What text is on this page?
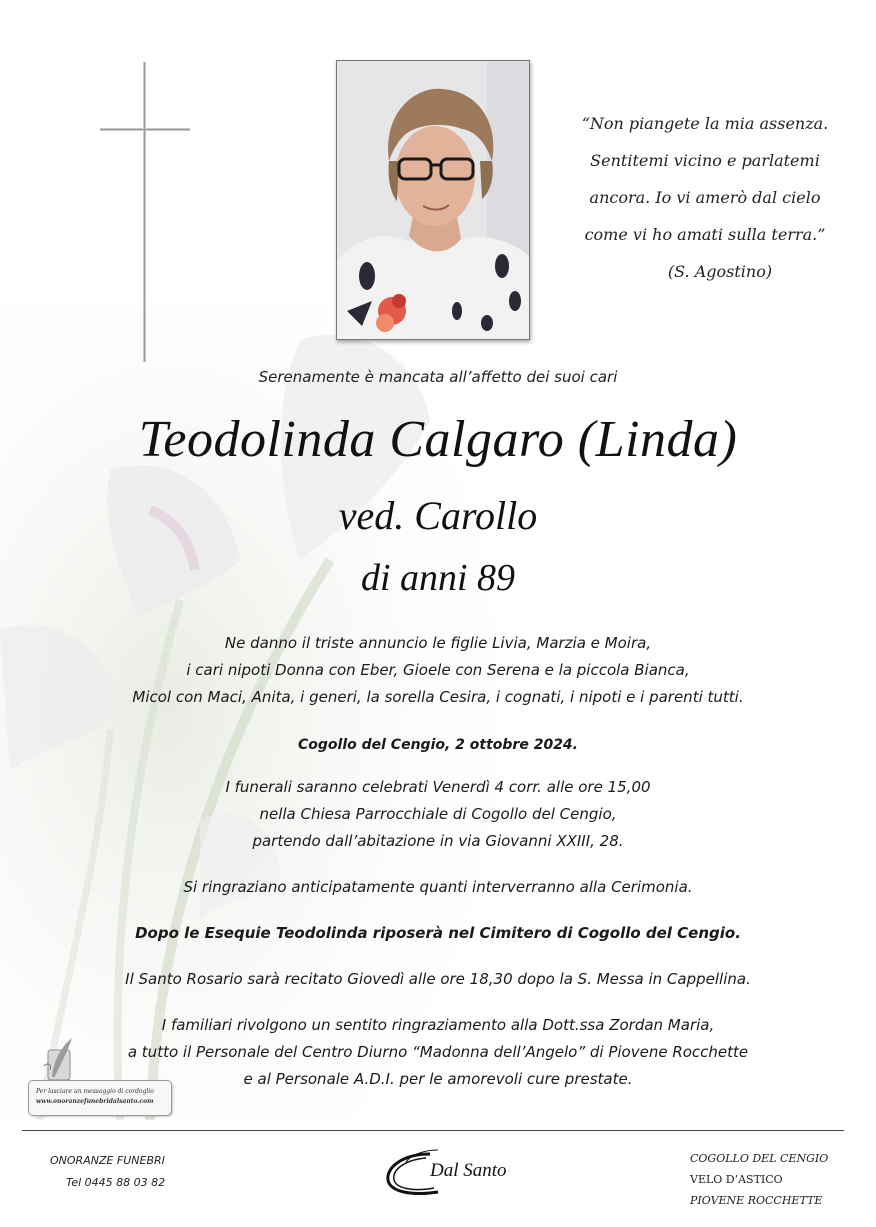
“Non piangete la mia assenza.
Sentitemi vicino e parlatemi
ancora. Io vi amerò dal cielo
come vi ho amati sulla terra.”
(S. Agostino)
Serenamente è mancata all’affetto dei suoi cari
Teodolinda Calgaro (Linda)
ved. Carollo
di anni 89
Ne danno il triste annuncio le figlie Livia, Marzia e Moira,
i cari nipoti Donna con Eber, Gioele con Serena e la piccola Bianca,
Micol con Maci, Anita, i generi, la sorella Cesira, i cognati, i nipoti e i parenti tutti.
Cogollo del Cengio, 2 ottobre 2024.
I funerali saranno celebrati Venerdì 4 corr. alle ore 15,00
nella Chiesa Parrocchiale di Cogollo del Cengio,
partendo dall’abitazione in via Giovanni XXIII, 28.
Si ringraziano anticipatamente quanti interverranno alla Cerimonia.
Dopo le Esequie Teodolinda riposerà nel Cimitero di Cogollo del Cengio.
Il Santo Rosario sarà recitato Giovedì alle ore 18,30 dopo la S. Messa in Cappellina.
I familiari rivolgono un sentito ringraziamento alla Dott.ssa Zordan Maria,
a tutto il Personale del Centro Diurno “Madonna dell’Angelo” di Piovene Rocchette
e al Personale A.D.I. per le amorevoli cure prestate.
Per lasciare un messaggio di cordoglio
www.onoranzefunebridalsanto.com
ONORANZE FUNEBRI
Tel 0445 88 03 82
Dal Santo
COGOLLO DEL CENGIO
VELO D’ASTICO
PIOVENE ROCCHETTE
